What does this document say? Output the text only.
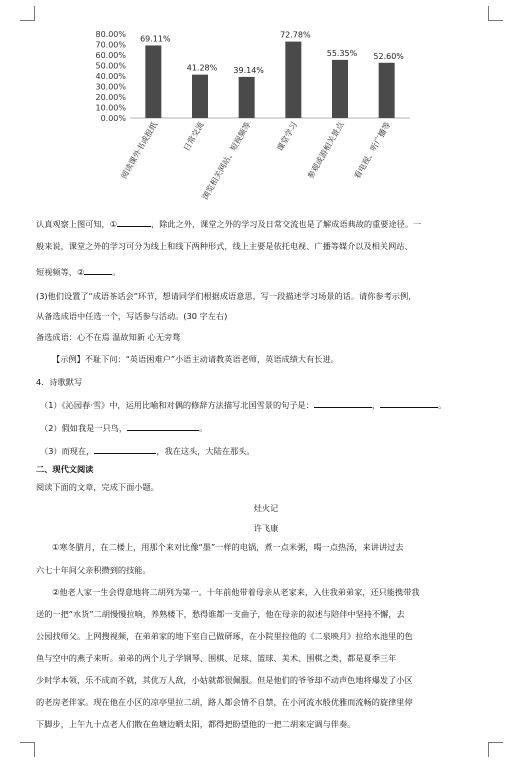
0.00%
10.00%
20.00%
30.00%
40.00%
50.00%
60.00%
70.00%
80.00% 69.11%
阅读课外书或报纸
41.28%
日常交流
39.14%
浏览相关网站、短视频等
72.78%
课堂学习
55.35%
参观或游相关景点
52.60%
看电视、听广播等
认真观察上图可知，①	，除此之外，课堂之外的学习及日常交流也是了解成语典故的重要途径。一
般来说，课堂之外的学习可分为线上和线下两种形式，线上主要是依托电视、广播等媒介以及相关网站、
短视频等，②	。
(3)他们设置了“成语茶话会”环节，想请同学们根据成语意思，写一段描述学习场景的话。请你参考示例，
从备选成语中任选一个，写话参与活动。(30 字左右)
备选成语：心不在焉 温故知新 心无旁骛
【示例】不耻下问：“英语困难户”小语主动请教英语老师，英语成绩大有长进。
4．诗歌默写
（1）《沁园春·雪》中，运用比喻和对偶的修辞方法描写北国雪景的句子是：	，	。
（2）假如我是一只鸟，	。
（3）而现在，	，我在这头，大陆在那头。
二、现代文阅读
阅读下面的文章，完成下面小题。
灶火记
许飞康
①寒冬腊月，在二楼上，用那个来对比像“墨”一样的电锅，煮一点米粥，喝一点热汤，来讲讲过去
六七十年间父亲积攒到的技能。
②他老人家一生会得意地将二胡列为第一。十年前他带着母亲从老家来，入住我弟弟家，还只能携带我
送的一把“水货”二胡慢慢拉响，养熟楼下，愁得谁都一支曲子，他在母亲的叙述与陪伴中坚持不懈，去
公园找师父。上网搜视频，在弟弟家的地下室自己做研琢，在小院里拉他的《二泉映月》拉给水池里的色
鱼与空中的燕子来听。弟弟的两个儿子学钢琴、围棋、足球、篮球、美术、围棋之类，都是夏季三年
少时学本领，乐不成而不就，其优万人敌，小姑就都很佩服。但是他们的爷爷却不动声色地将爆发了小区
的老房老伴家。现在他在小区的凉亭里拉二胡，路人都会情不自禁，在小河流水般优雅而流畅的旋律里停
下脚步，上午九十点老人们散在鱼塘边晒太阳，都得把盼望他的一把二胡来定调与伴奏。
